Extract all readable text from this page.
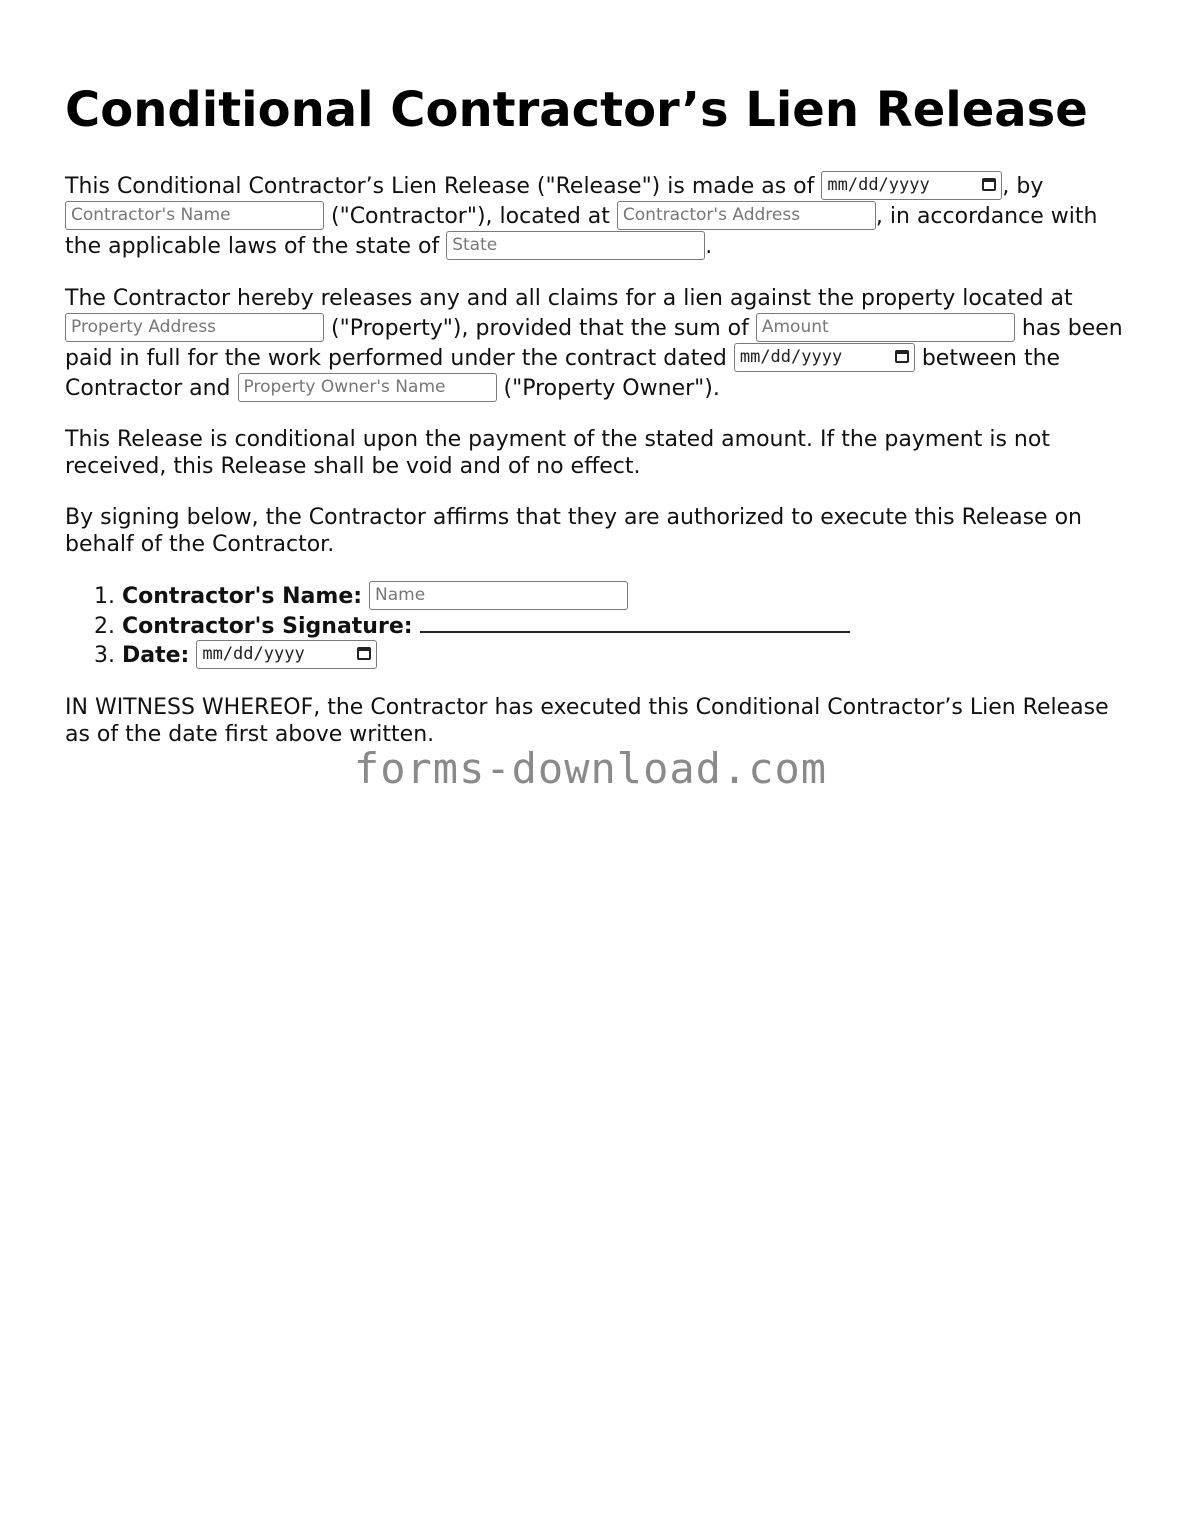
Conditional Contractor’s Lien Release

This Conditional Contractor’s Lien Release ("Release") is made as of mm/dd/yyyy	, by Contractor's Name	("Contractor"), located at Contractor's Address	, in accordance with the applicable laws of the state of State	.

The Contractor hereby releases any and all claims for a lien against the property located at Property Address	("Property"), provided that the sum of Amount	has been paid in full for the work performed under the contract dated mm/dd/yyyy	between the Contractor and Property Owner's Name ("Property Owner").

This Release is conditional upon the payment of the stated amount. If the payment is not received, this Release shall be void and of no effect.

By signing below, the Contractor affirms that they are authorized to execute this Release on behalf of the Contractor.

1. Contractor's Name: Name
2. Contractor's Signature:
3. Date: mm/dd/yyyy

IN WITNESS WHEREOF, the Contractor has executed this Conditional Contractor’s Lien Release as of the date first above written.

forms-download.com
